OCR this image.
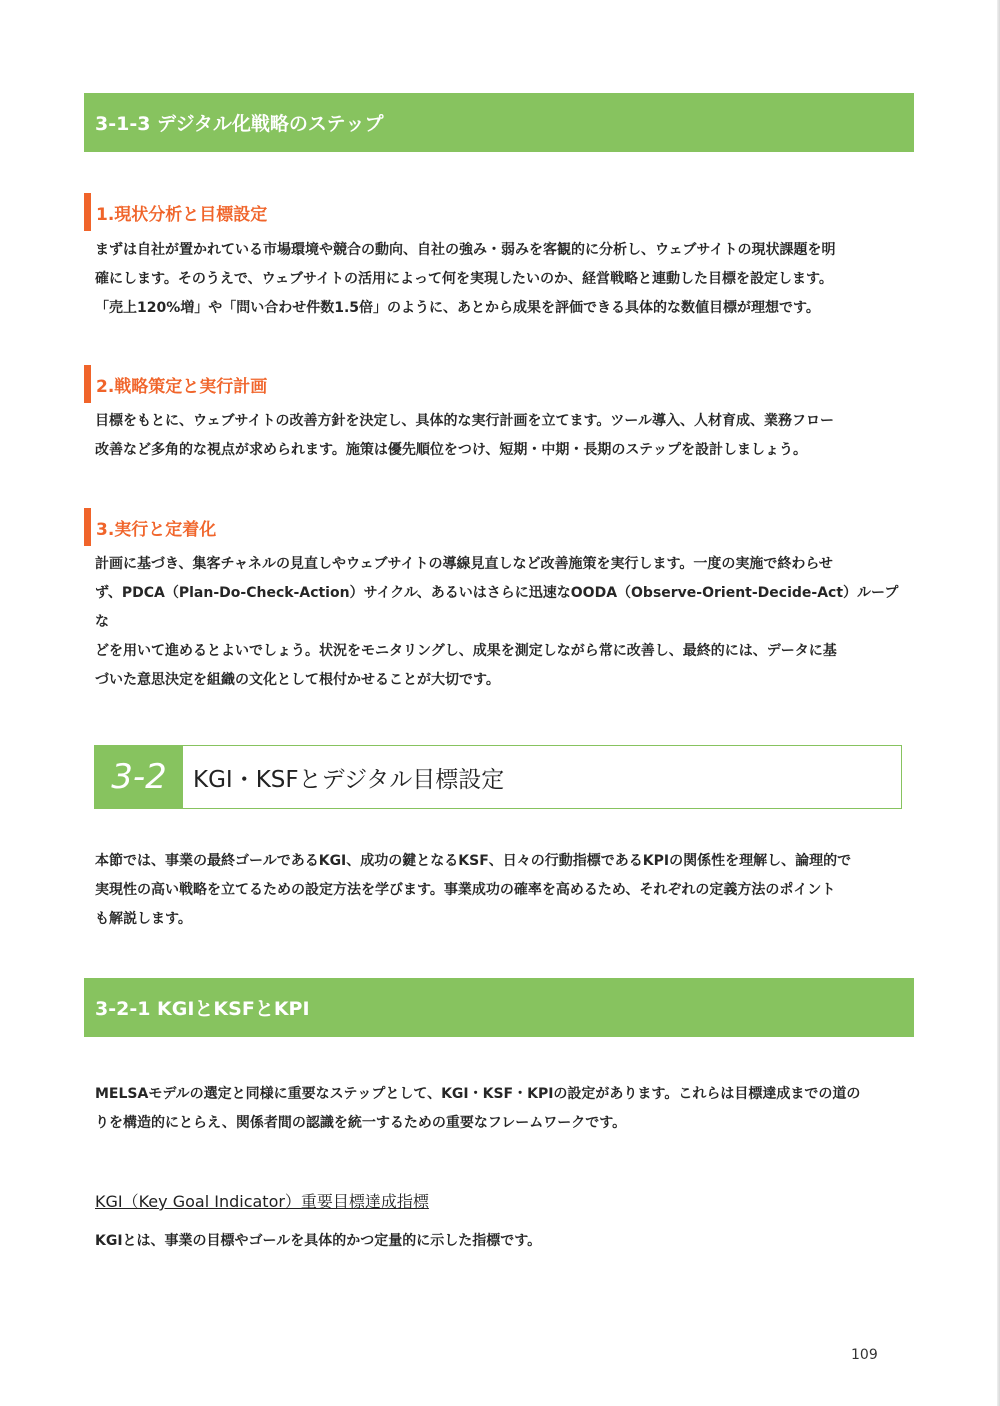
3-1-3 デジタル化戦略のステップ
1.現状分析と目標設定
まずは自社が置かれている市場環境や競合の動向、自社の強み・弱みを客観的に分析し、ウェブサイトの現状課題を明
確にします。そのうえで、ウェブサイトの活用によって何を実現したいのか、経営戦略と連動した目標を設定します。
「売上120%増」や「問い合わせ件数1.5倍」のように、あとから成果を評価できる具体的な数値目標が理想です。
2.戦略策定と実行計画
目標をもとに、ウェブサイトの改善方針を決定し、具体的な実行計画を立てます。ツール導入、人材育成、業務フロー
改善など多角的な視点が求められます。施策は優先順位をつけ、短期・中期・長期のステップを設計しましょう。
3.実行と定着化
計画に基づき、集客チャネルの見直しやウェブサイトの導線見直しなど改善施策を実行します。一度の実施で終わらせ
ず、PDCA（Plan-Do-Check-Action）サイクル、あるいはさらに迅速なOODA（Observe-Orient-Decide-Act）ループな
どを用いて進めるとよいでしょう。状況をモニタリングし、成果を測定しながら常に改善し、最終的には、データに基
づいた意思決定を組織の文化として根付かせることが大切です。
3-2	KGI・KSFとデジタル目標設定
本節では、事業の最終ゴールであるKGI、成功の鍵となるKSF、日々の行動指標であるKPIの関係性を理解し、論理的で
実現性の高い戦略を立てるための設定方法を学びます。事業成功の確率を高めるため、それぞれの定義方法のポイント
も解説します。
3-2-1 KGIとKSFとKPI
MELSAモデルの選定と同様に重要なステップとして、KGI・KSF・KPIの設定があります。これらは目標達成までの道の
りを構造的にとらえ、関係者間の認識を統一するための重要なフレームワークです。
KGI（Key Goal Indicator）重要目標達成指標
KGIとは、事業の目標やゴールを具体的かつ定量的に示した指標です。
109
